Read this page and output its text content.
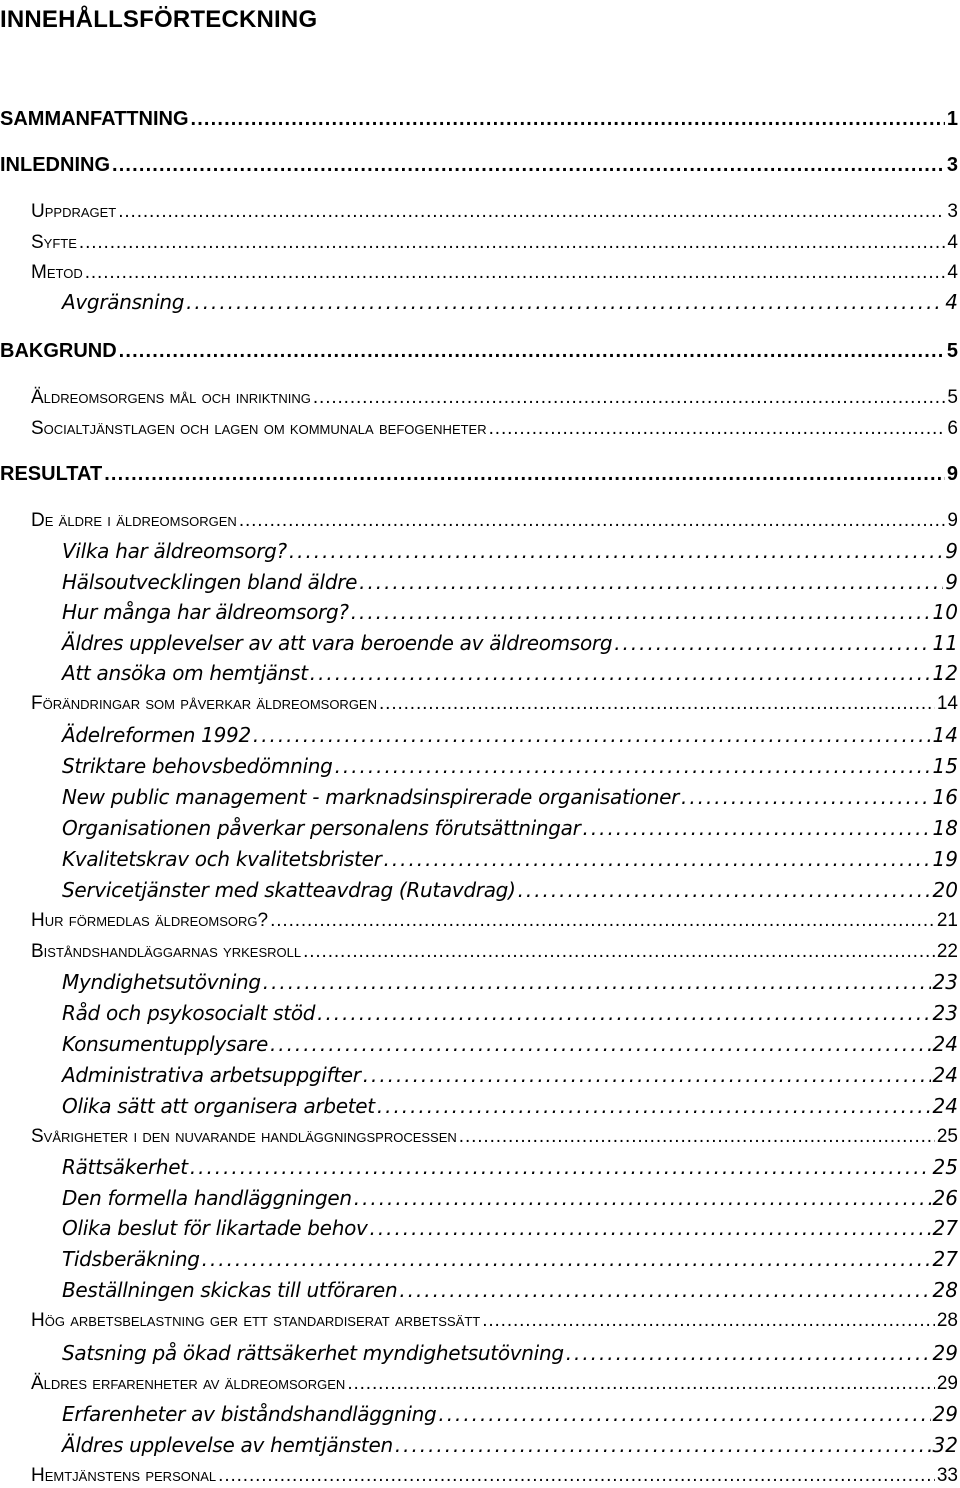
INNEHÅLLSFÖRTECKNING
SAMMANFATTNING . . .	1
INLEDNING . . .	3
Uppdraget . . .	3
Syfte . . .	4
Metod . . .	4
Avgränsning . . .	4
BAKGRUND . . .	5
Äldreomsorgens mål och inriktning . . .	5
Socialtjänstlagen och lagen om kommunala befogenheter . . .	6
RESULTAT . . .	9
De äldre i äldreomsorgen . . .	9
Vilka har äldreomsorg? . . .	9
Hälsoutvecklingen bland äldre . . .	9
Hur många har äldreomsorg? . . .	10
Äldres upplevelser av att vara beroende av äldreomsorg . . .	11
Att ansöka om hemtjänst . . .	12
Förändringar som påverkar äldreomsorgen . . .	14
Ädelreformen 1992 . . .	14
Striktare behovsbedömning . . .	15
New public management - marknadsinspirerade organisationer . . .	16
Organisationen påverkar personalens förutsättningar . . .	18
Kvalitetskrav och kvalitetsbrister . . .	19
Servicetjänster med skatteavdrag (Rutavdrag) . . .	20
Hur förmedlas äldreomsorg? . . .	21
Biståndshandläggarnas yrkesroll . . .	22
Myndighetsutövning . . .	23
Råd och psykosocialt stöd . . .	23
Konsumentupplysare . . .	24
Administrativa arbetsuppgifter . . .	24
Olika sätt att organisera arbetet . . .	24
Svårigheter i den nuvarande handläggningsprocessen . . .	25
Rättsäkerhet . . .	25
Den formella handläggningen . . .	26
Olika beslut för likartade behov . . .	27
Tidsberäkning . . .	27
Beställningen skickas till utföraren . . .	28
Hög arbetsbelastning ger ett standardiserat arbetssätt . . .	28
Satsning på ökad rättsäkerhet myndighetsutövning . . .	29
Äldres erfarenheter av äldreomsorgen . . .	29
Erfarenheter av biståndshandläggning . . .	29
Äldres upplevelse av hemtjänsten . . .	32
Hemtjänstens personal . . .	33
